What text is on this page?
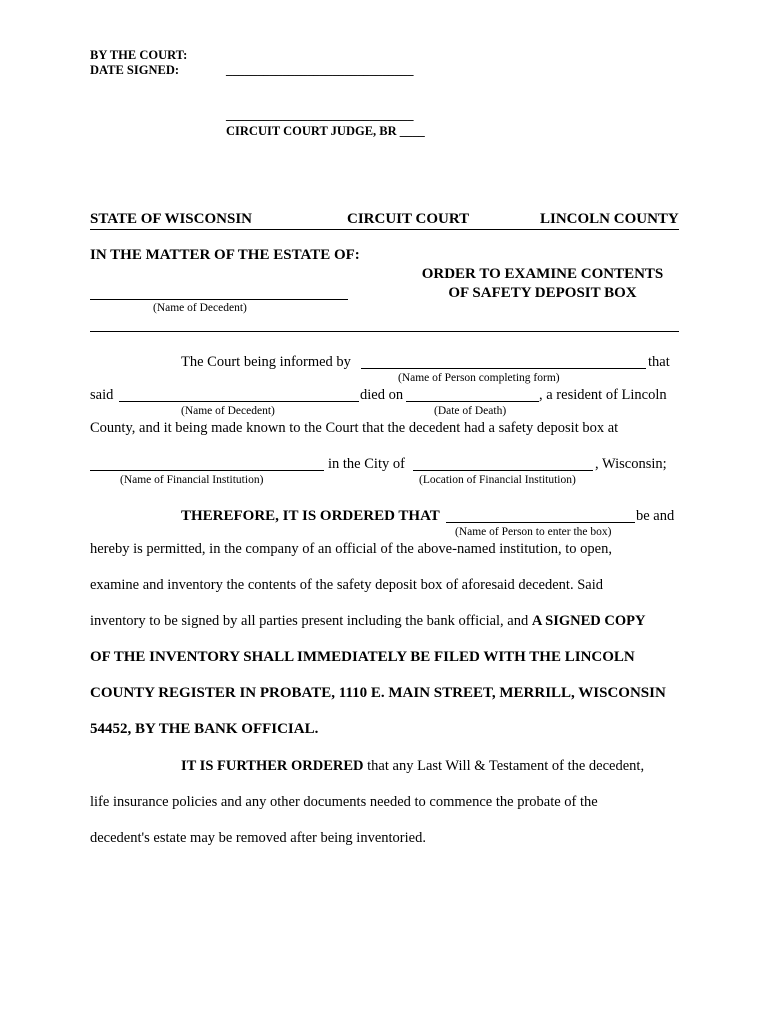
BY THE COURT:
DATE SIGNED:	______________________________
______________________________
CIRCUIT COURT JUDGE, BR ____
STATE OF WISCONSIN	CIRCUIT COURT	LINCOLN COUNTY
IN THE MATTER OF THE ESTATE OF:
ORDER TO EXAMINE CONTENTS
OF SAFETY DEPOSIT BOX
(Name of Decedent)
The Court being informed by	that
(Name of Person completing form)
said	died on	, a resident of Lincoln
(Name of Decedent)	(Date of Death)
County, and it being made known to the Court that the decedent had a safety deposit box at
in the City of	, Wisconsin;
(Name of Financial Institution)	(Location of Financial Institution)
THEREFORE, IT IS ORDERED THAT	be and
(Name of Person to enter the box)
hereby is permitted, in the company of an official of the above-named institution, to open,
examine and inventory the contents of the safety deposit box of aforesaid decedent. Said
inventory to be signed by all parties present including the bank official, and A SIGNED COPY
OF THE INVENTORY SHALL IMMEDIATELY BE FILED WITH THE LINCOLN
COUNTY REGISTER IN PROBATE, 1110 E. MAIN STREET, MERRILL, WISCONSIN
54452, BY THE BANK OFFICIAL.
IT IS FURTHER ORDERED that any Last Will & Testament of the decedent,
life insurance policies and any other documents needed to commence the probate of the
decedent's estate may be removed after being inventoried.
